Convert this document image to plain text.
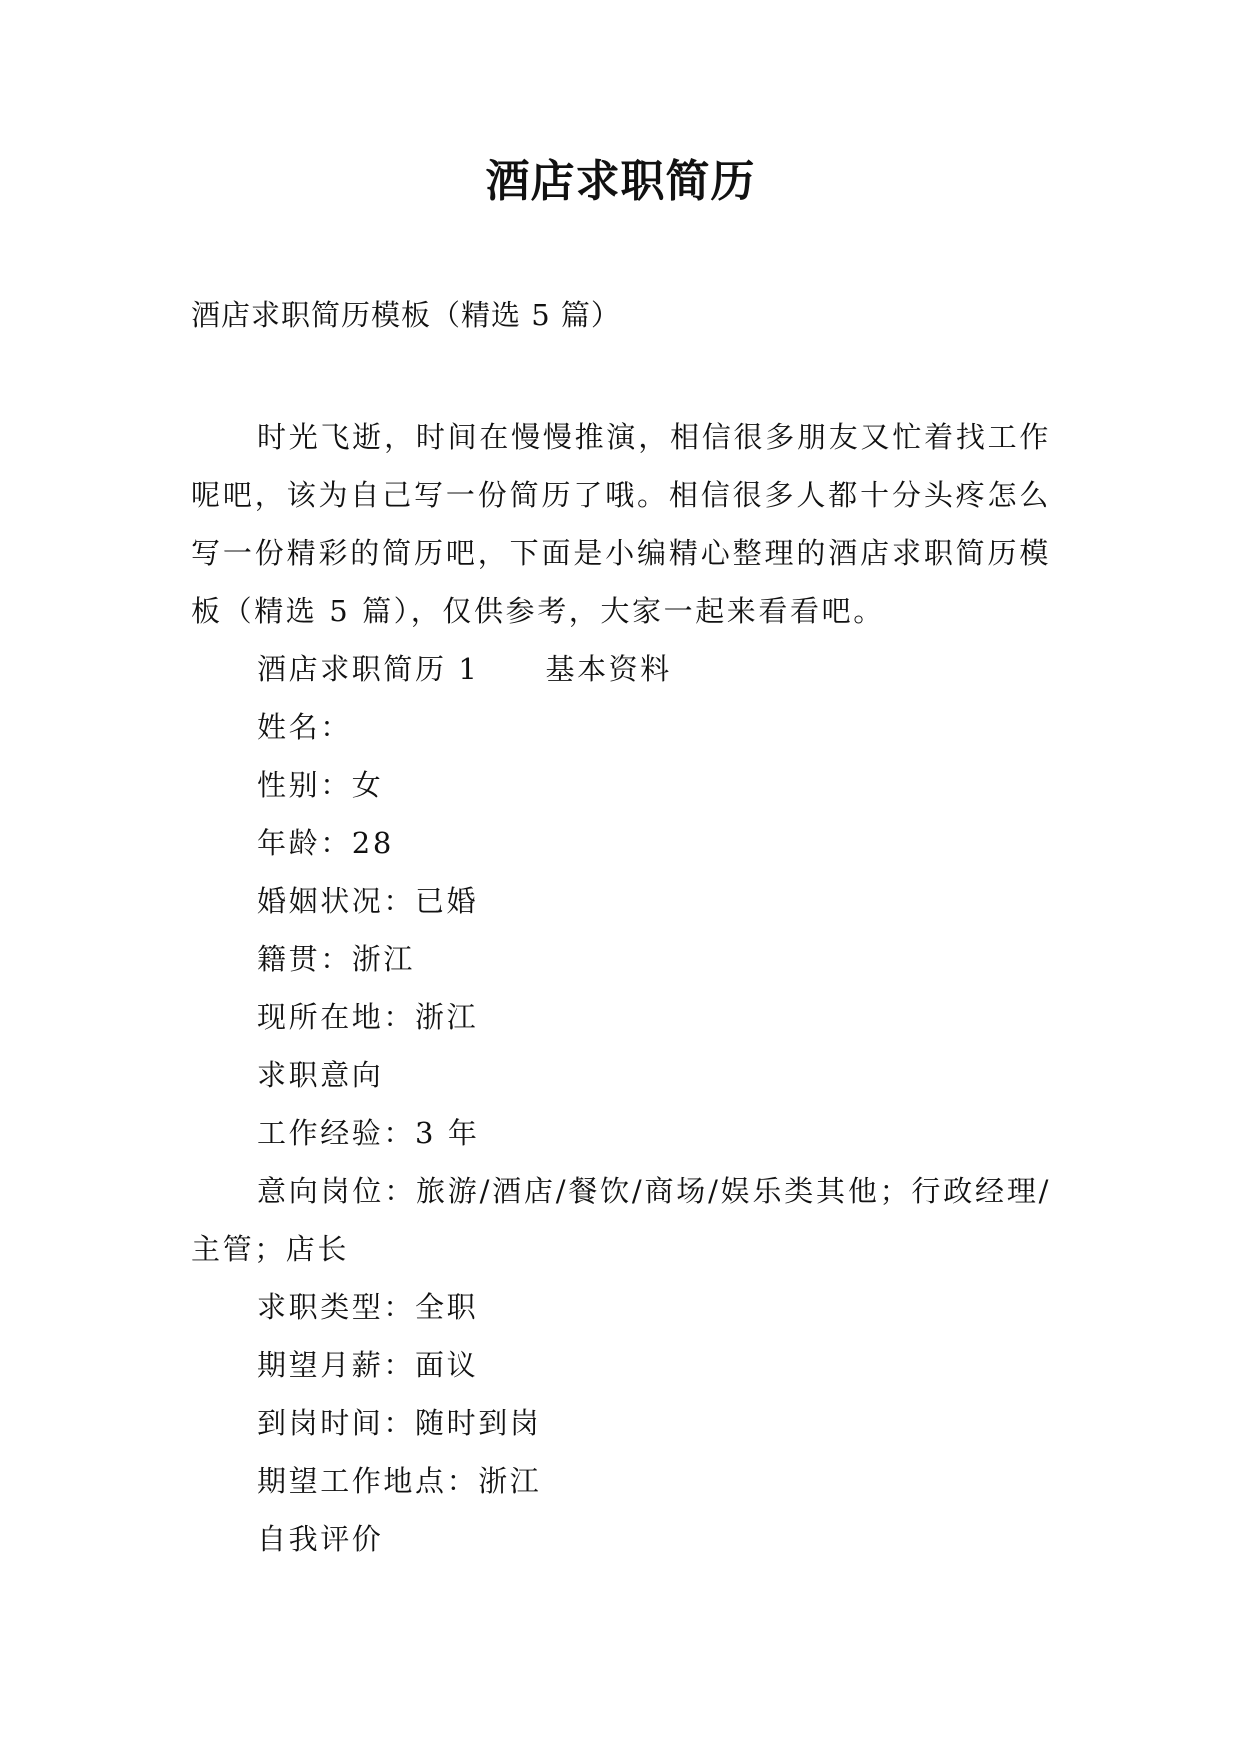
酒店求职简历
酒店求职简历模板（精选 5 篇）

时光飞逝，时间在慢慢推演，相信很多朋友又忙着找工作呢吧，该为自己写一份简历了哦。相信很多人都十分头疼怎么写一份精彩的简历吧，下面是小编精心整理的酒店求职简历模板（精选 5 篇），仅供参考，大家一起来看看吧。

酒店求职简历 1 基本资料
姓名：
性别：女
年龄：28
婚姻状况：已婚
籍贯：浙江
现所在地：浙江
求职意向
工作经验：3 年
意向岗位：旅游/酒店/餐饮/商场/娱乐类其他；行政经理/主管；店长
求职类型：全职
期望月薪：面议
到岗时间：随时到岗
期望工作地点：浙江
自我评价
